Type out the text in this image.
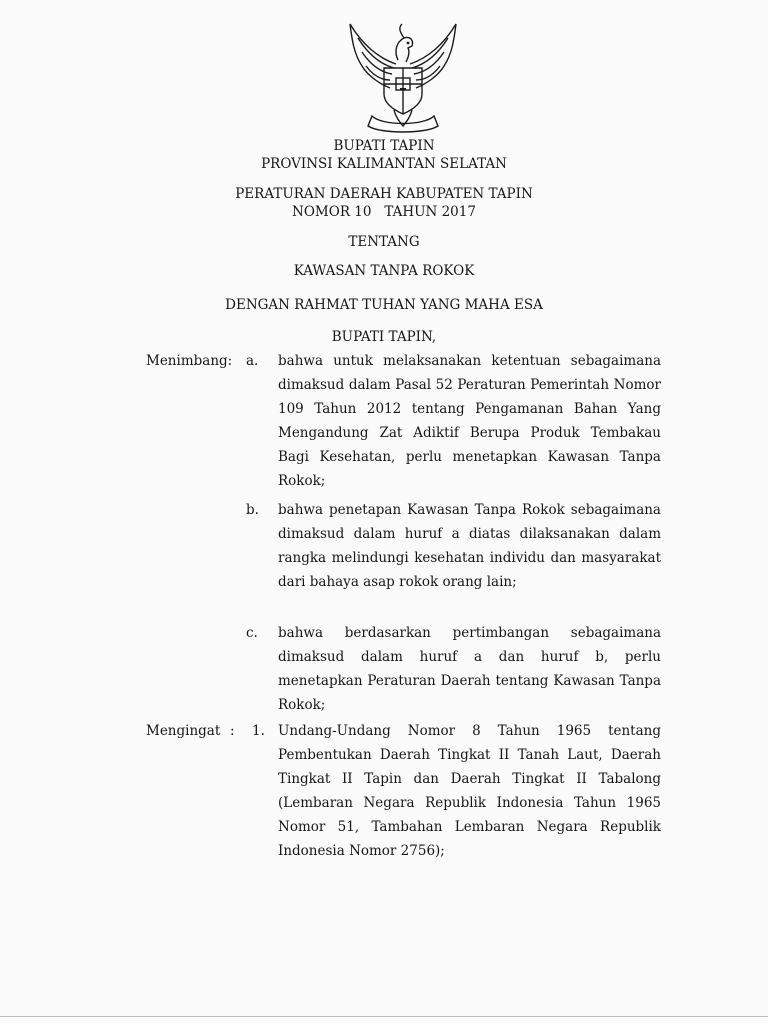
BUPATI TAPIN
PROVINSI KALIMANTAN SELATAN
PERATURAN DAERAH KABUPATEN TAPIN
NOMOR 10   TAHUN 2017
TENTANG
KAWASAN TANPA ROKOK
DENGAN RAHMAT TUHAN YANG MAHA ESA
BUPATI TAPIN,
Menimbang: a. bahwa untuk melaksanakan ketentuan sebagaimana dimaksud dalam Pasal 52 Peraturan Pemerintah Nomor 109 Tahun 2012 tentang Pengamanan Bahan Yang Mengandung Zat Adiktif Berupa Produk Tembakau Bagi Kesehatan, perlu menetapkan Kawasan Tanpa Rokok;
b. bahwa penetapan Kawasan Tanpa Rokok sebagaimana dimaksud dalam huruf a diatas dilaksanakan dalam rangka melindungi kesehatan individu dan masyarakat dari bahaya asap rokok orang lain;
c. bahwa berdasarkan pertimbangan sebagaimana dimaksud dalam huruf a dan huruf b, perlu menetapkan Peraturan Daerah tentang Kawasan Tanpa Rokok;
Mengingat : 1. Undang-Undang Nomor 8 Tahun 1965 tentang Pembentukan Daerah Tingkat II Tanah Laut, Daerah Tingkat II Tapin dan Daerah Tingkat II Tabalong (Lembaran Negara Republik Indonesia Tahun 1965 Nomor 51, Tambahan Lembaran Negara Republik Indonesia Nomor 2756);
